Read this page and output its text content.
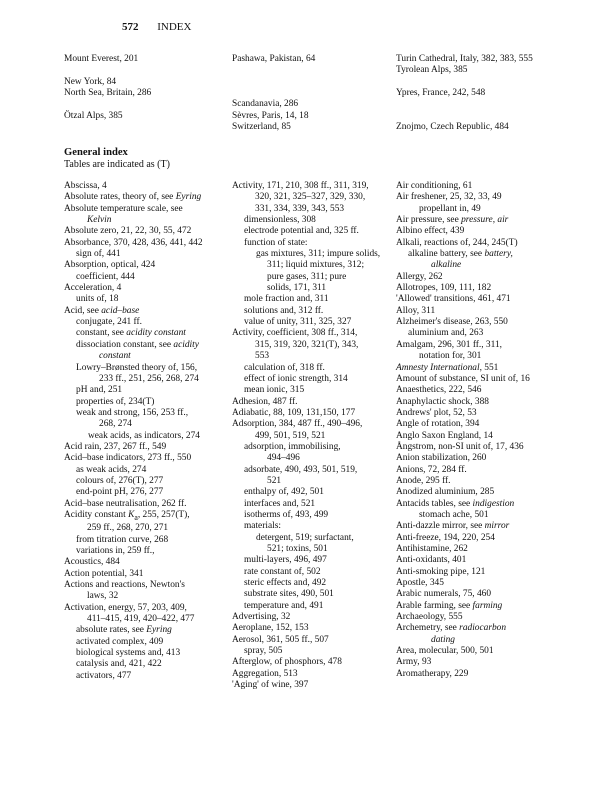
572 INDEX
Mount Everest, 201
New York, 84
North Sea, Britain, 286
Ötzal Alps, 385
Pashawa, Pakistan, 64
Scandanavia, 286
Sèvres, Paris, 14, 18
Switzerland, 85
Turin Cathedral, Italy, 382, 383, 555
Tyrolean Alps, 385
Ypres, France, 242, 548
Znojmo, Czech Republic, 484
General index
Tables are indicated as (T)
Abscissa, 4
Absolute rates, theory of, see Eyring
Absolute temperature scale, see
Kelvin
Absolute zero, 21, 22, 30, 55, 472
Absorbance, 370, 428, 436, 441, 442
sign of, 441
Absorption, optical, 424
coefficient, 444
Acceleration, 4
units of, 18
Acid, see acid–base
conjugate, 241 ff.
constant, see acidity constant
dissociation constant, see acidity
constant
Lowry–Brønsted theory of, 156,
233 ff., 251, 256, 268, 274
pH and, 251
properties of, 234(T)
weak and strong, 156, 253 ff.,
268, 274
weak acids, as indicators, 274
Acid rain, 237, 267 ff., 549
Acid–base indicators, 273 ff., 550
as weak acids, 274
colours of, 276(T), 277
end-point pH, 276, 277
Acid–base neutralisation, 262 ff.
Acidity constant $K_a$, 255, 257(T),
259 ff., 268, 270, 271
from titration curve, 268
variations in, 259 ff.,
Acoustics, 484
Action potential, 341
Actions and reactions, Newton's
laws, 32
Activation, energy, 57, 203, 409,
411–415, 419, 420–422, 477
absolute rates, see Eyring
activated complex, 409
biological systems and, 413
catalysis and, 421, 422
activators, 477
Activity, 171, 210, 308 ff., 311, 319,
320, 321, 325–327, 329, 330,
331, 334, 339, 343, 553
dimensionless, 308
electrode potential and, 325 ff.
function of state:
gas mixtures, 311; impure solids,
311; liquid mixtures, 312;
pure gases, 311; pure
solids, 171, 311
mole fraction and, 311
solutions and, 312 ff.
value of unity, 311, 325, 327
Activity, coefficient, 308 ff., 314,
315, 319, 320, 321(T), 343,
553
calculation of, 318 ff.
effect of ionic strength, 314
mean ionic, 315
Adhesion, 487 ff.
Adiabatic, 88, 109, 131,150, 177
Adsorption, 384, 487 ff., 490–496,
499, 501, 519, 521
adsorption, immobilising,
494–496
adsorbate, 490, 493, 501, 519,
521
enthalpy of, 492, 501
interfaces and, 521
isotherms of, 493, 499
materials:
detergent, 519; surfactant,
521; toxins, 501
multi-layers, 496, 497
rate constant of, 502
steric effects and, 492
substrate sites, 490, 501
temperature and, 491
Advertising, 32
Aeroplane, 152, 153
Aerosol, 361, 505 ff., 507
spray, 505
Afterglow, of phosphors, 478
Aggregation, 513
'Aging' of wine, 397
Air conditioning, 61
Air freshener, 25, 32, 33, 49
propellant in, 49
Air pressure, see pressure, air
Albino effect, 439
Alkali, reactions of, 244, 245(T)
alkaline battery, see battery,
alkaline
Allergy, 262
Allotropes, 109, 111, 182
'Allowed' transitions, 461, 471
Alloy, 311
Alzheimer's disease, 263, 550
aluminium and, 263
Amalgam, 296, 301 ff., 311,
notation for, 301
Amnesty International, 551
Amount of substance, SI unit of, 16
Anaesthetics, 222, 546
Anaphylactic shock, 388
Andrews' plot, 52, 53
Angle of rotation, 394
Anglo Saxon England, 14
Ångstrom, non-SI unit of, 17, 436
Anion stabilization, 260
Anions, 72, 284 ff.
Anode, 295 ff.
Anodized aluminium, 285
Antacids tables, see indigestion
stomach ache, 501
Anti-dazzle mirror, see mirror
Anti-freeze, 194, 220, 254
Antihistamine, 262
Anti-oxidants, 401
Anti-smoking pipe, 121
Apostle, 345
Arabic numerals, 75, 460
Arable farming, see farming
Archaeology, 555
Archemetry, see radiocarbon
dating
Area, molecular, 500, 501
Army, 93
Aromatherapy, 229
